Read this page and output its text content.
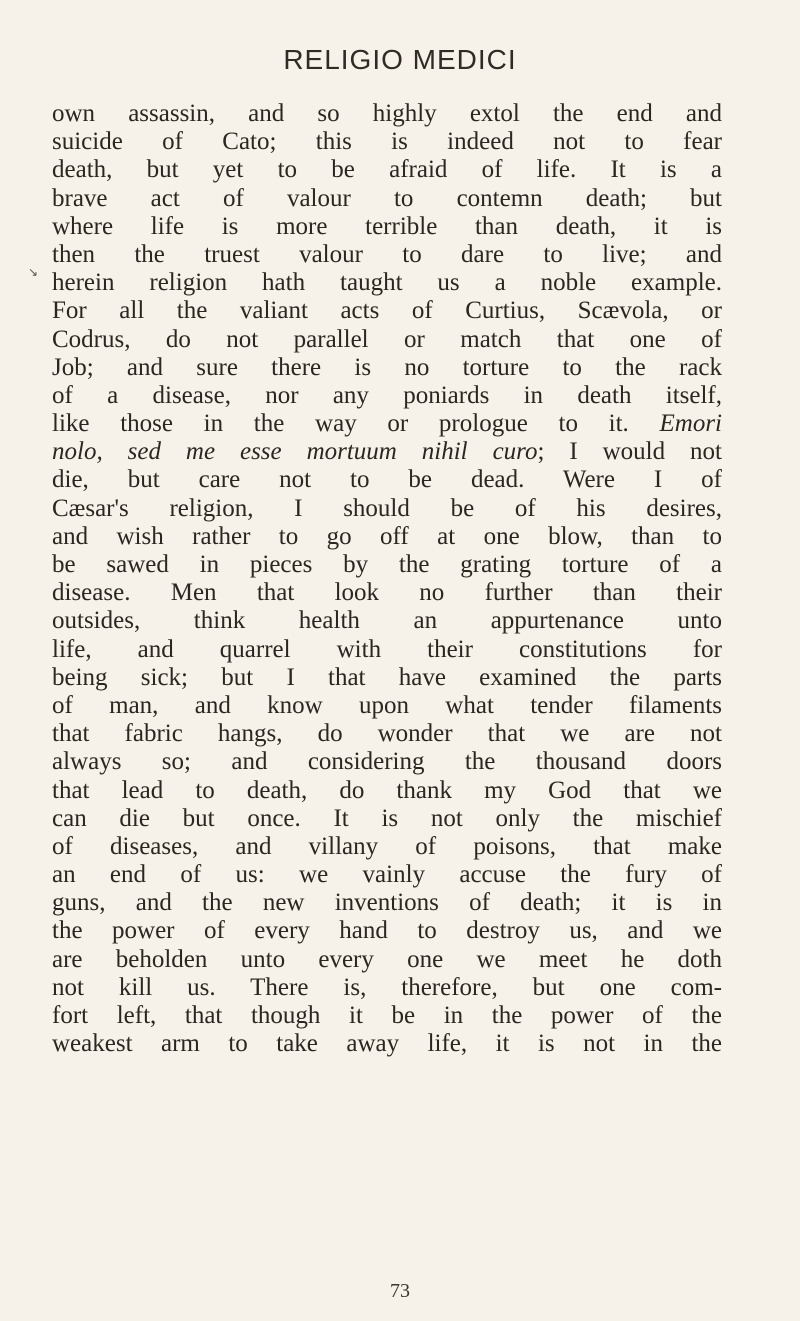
RELIGIO MEDICI
↘
own assassin, and so highly extol the end and
suicide of Cato; this is indeed not to fear
death, but yet to be afraid of life. It is a
brave act of valour to contemn death; but
where life is more terrible than death, it is
then the truest valour to dare to live; and
herein religion hath taught us a noble example.
For all the valiant acts of Curtius, Scævola, or
Codrus, do not parallel or match that one of
Job; and sure there is no torture to the rack
of a disease, nor any poniards in death itself,
like those in the way or prologue to it. Emori
nolo, sed me esse mortuum nihil curo; I would not
die, but care not to be dead. Were I of
Cæsar's religion, I should be of his desires,
and wish rather to go off at one blow, than to
be sawed in pieces by the grating torture of a
disease. Men that look no further than their
outsides, think health an appurtenance unto
life, and quarrel with their constitutions for
being sick; but I that have examined the parts
of man, and know upon what tender filaments
that fabric hangs, do wonder that we are not
always so; and considering the thousand doors
that lead to death, do thank my God that we
can die but once. It is not only the mischief
of diseases, and villany of poisons, that make
an end of us: we vainly accuse the fury of
guns, and the new inventions of death; it is in
the power of every hand to destroy us, and we
are beholden unto every one we meet he doth
not kill us. There is, therefore, but one com-
fort left, that though it be in the power of the
weakest arm to take away life, it is not in the
73
